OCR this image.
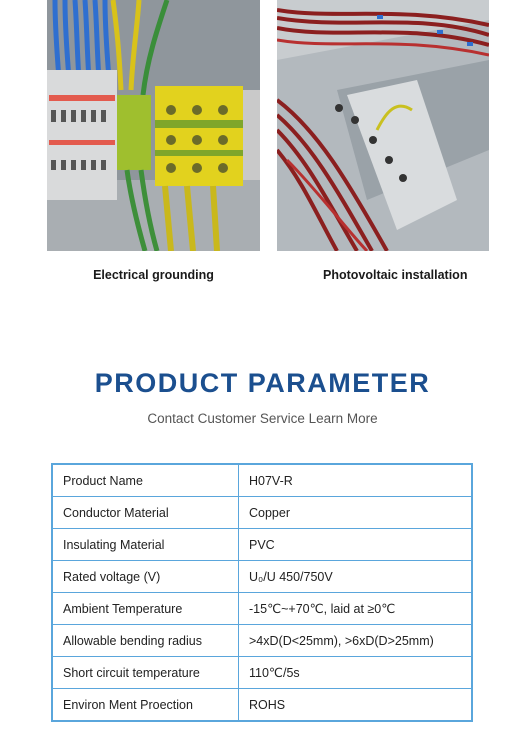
Electrical grounding	Photovoltaic installation
PRODUCT PARAMETER
Contact Customer Service Learn More
Product Name	H07V-R
Conductor Material	Copper
Insulating Material	PVC
Rated voltage (V)	U₀/U 450/750V
Ambient Temperature	-15℃~+70℃, laid at ≥0℃
Allowable bending radius	>4xD(D<25mm), >6xD(D>25mm)
Short circuit temperature	110℃/5s
Environ Ment Proection	ROHS
